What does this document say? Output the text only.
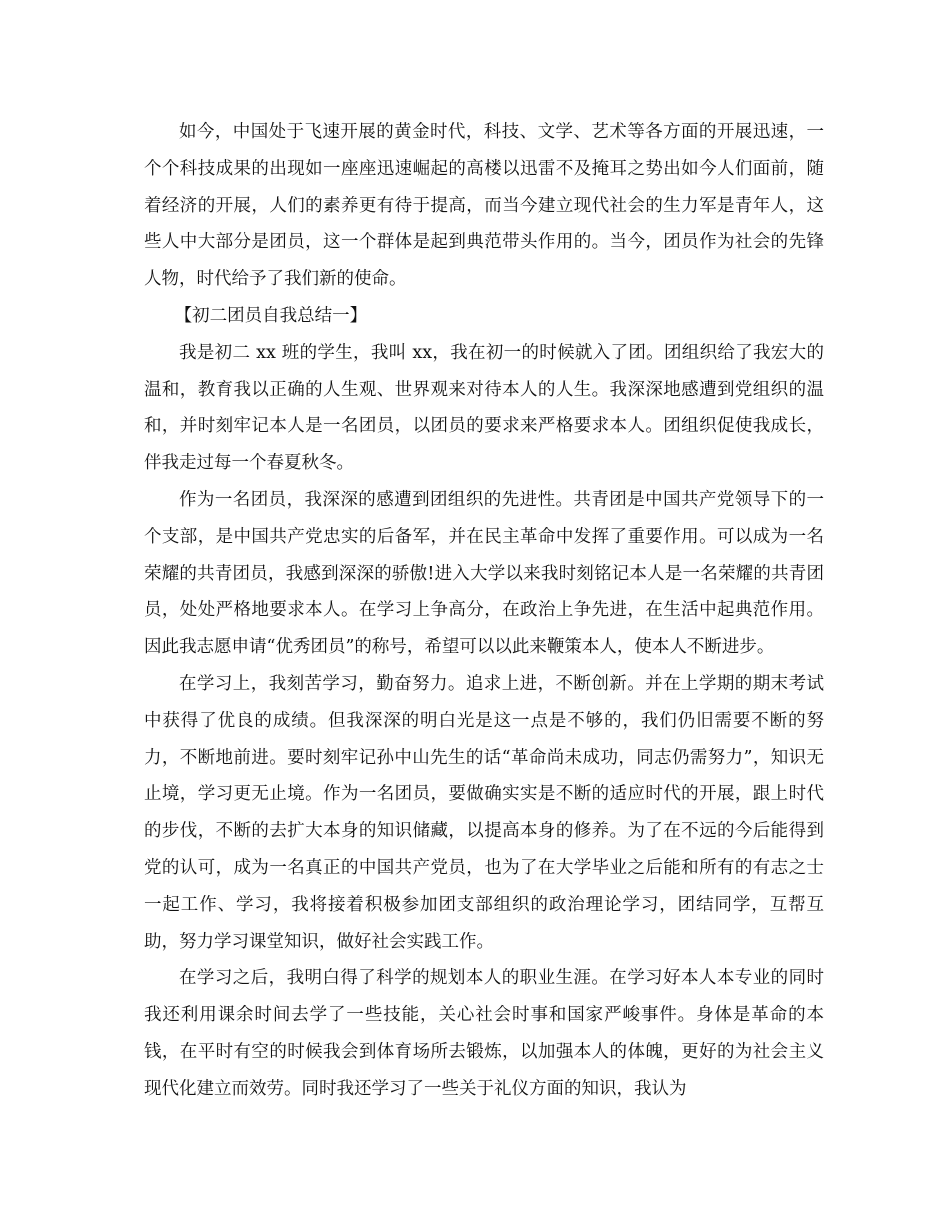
如今，中国处于飞速开展的黄金时代，科技、文学、艺术等各方面的开展迅速，一个个科技成果的出现如一座座迅速崛起的高楼以迅雷不及掩耳之势出如今人们面前，随着经济的开展，人们的素养更有待于提高，而当今建立现代社会的生力军是青年人，这些人中大部分是团员，这一个群体是起到典范带头作用的。当今，团员作为社会的先锋人物，时代给予了我们新的使命。

【初二团员自我总结一】

我是初二 xx 班的学生，我叫 xx，我在初一的时候就入了团。团组织给了我宏大的温和，教育我以正确的人生观、世界观来对待本人的人生。我深深地感遭到党组织的温和，并时刻牢记本人是一名团员，以团员的要求来严格要求本人。团组织促使我成长，伴我走过每一个春夏秋冬。

作为一名团员，我深深的感遭到团组织的先进性。共青团是中国共产党领导下的一个支部，是中国共产党忠实的后备军，并在民主革命中发挥了重要作用。可以成为一名荣耀的共青团员，我感到深深的骄傲!进入大学以来我时刻铭记本人是一名荣耀的共青团员，处处严格地要求本人。在学习上争高分，在政治上争先进，在生活中起典范作用。因此我志愿申请“优秀团员”的称号，希望可以以此来鞭策本人，使本人不断进步。

在学习上，我刻苦学习，勤奋努力。追求上进，不断创新。并在上学期的期末考试中获得了优良的成绩。但我深深的明白光是这一点是不够的，我们仍旧需要不断的努力，不断地前进。要时刻牢记孙中山先生的话“革命尚未成功，同志仍需努力”，知识无止境，学习更无止境。作为一名团员，要做确实实是不断的适应时代的开展，跟上时代的步伐，不断的去扩大本身的知识储藏，以提高本身的修养。为了在不远的今后能得到党的认可，成为一名真正的中国共产党员，也为了在大学毕业之后能和所有的有志之士一起工作、学习，我将接着积极参加团支部组织的政治理论学习，团结同学，互帮互助，努力学习课堂知识，做好社会实践工作。

在学习之后，我明白得了科学的规划本人的职业生涯。在学习好本人本专业的同时我还利用课余时间去学了一些技能，关心社会时事和国家严峻事件。身体是革命的本钱，在平时有空的时候我会到体育场所去锻炼，以加强本人的体魄，更好的为社会主义现代化建立而效劳。同时我还学习了一些关于礼仪方面的知识，我认为
